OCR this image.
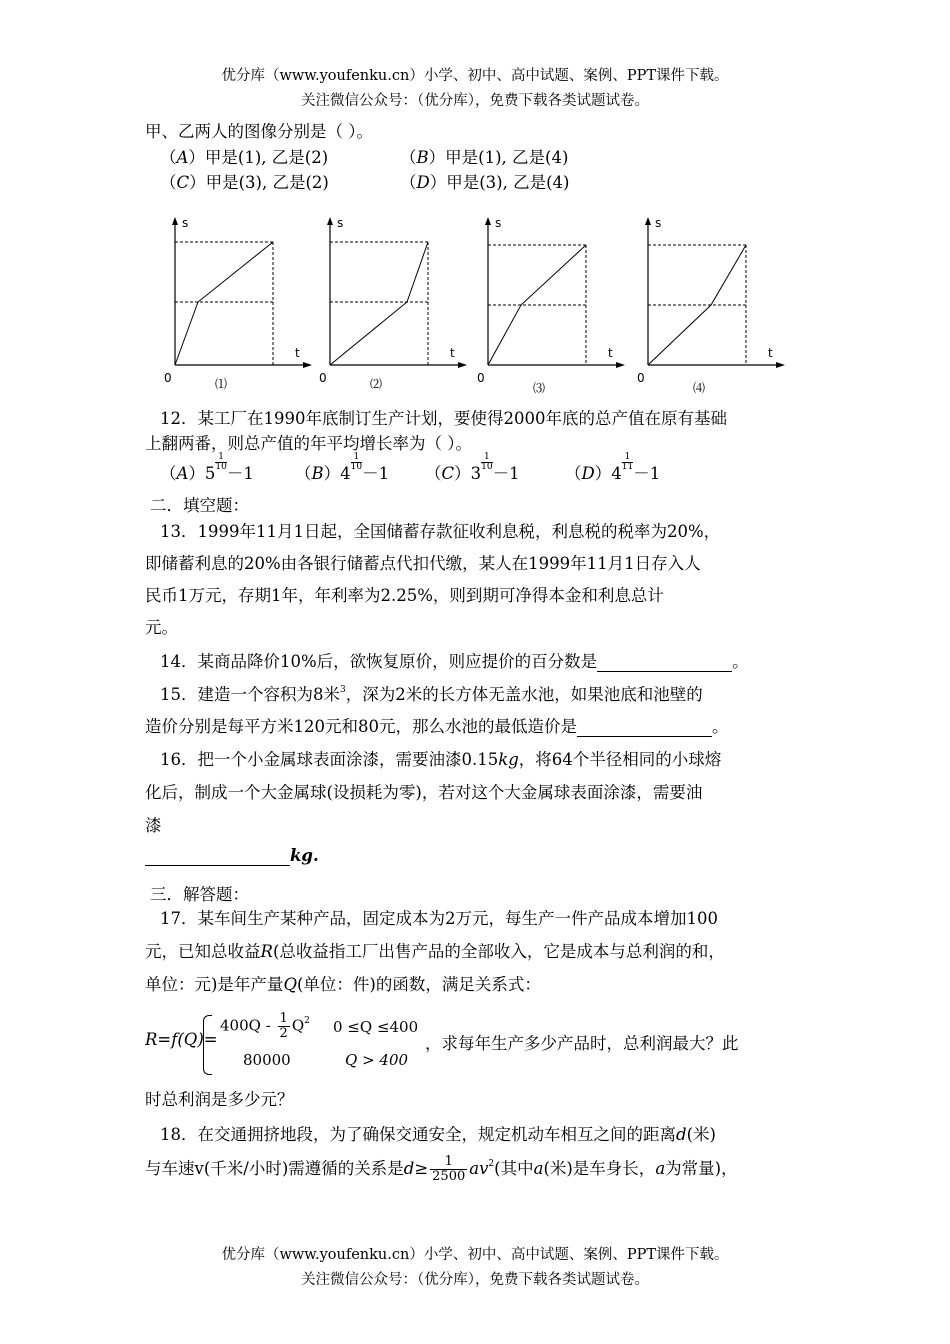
优分库（www.youfenku.cn）小学、初中、高中试题、案例、PPT课件下载。
关注微信公众号：（优分库），免费下载各类试题试卷。
甲、乙两人的图像分别是（ ）。
（A）甲是(1), 乙是(2)	（B）甲是(1), 乙是(4)
（C）甲是(3), 乙是(2)	（D）甲是(3), 乙是(4)
s
t
0	⑴
s
t
0	⑵
s
t
0
⑶
s
t
0
⑷
12．某工厂在1990年底制订生产计划，要使得2000年底的总产值在原有基础
上翻两番，则总产值的年平均增长率为（ ）。
（A）5
$\frac{1}{10}$
－1 （B）4
$\frac{1}{10}$
－1 （C）3
$\frac{1}{10}$
－1	（D）4
$\frac{1}{11}$
－1
二．填空题：
13．1999年11月1日起，全国储蓄存款征收利息税，利息税的税率为20%，
即储蓄利息的20%由各银行储蓄点代扣代缴，某人在1999年11月1日存入人
民币1万元，存期1年，年利率为2.25%，则到期可净得本金和利息总计
元。
14．某商品降价10%后，欲恢复原价，则应提价的百分数是	。
15．建造一个容积为8米$^3$，深为2米的长方体无盖水池，如果池底和池壁的
造价分别是每平方米120元和80元，那么水池的最低造价是	。
16．把一个小金属球表面涂漆，需要油漆0.15kg，将64个半径相同的小球熔
化后，制成一个大金属球(设损耗为零)，若对这个大金属球表面涂漆，需要油
漆
kg.
三．解答题：
17．某车间生产某种产品，固定成本为2万元，每生产一件产品成本增加100
元，已知总收益R(总收益指工厂出售产品的全部收入，它是成本与总利润的和，
单位：元)是年产量Q(单位：件)的函数，满足关系式：
R=f(Q)=
$400Q - \frac{1}{2} Q^2$ 0 ≤Q ≤400
80000	Q > 400
，求每年生产多少产品时，总利润最大？此
时总利润是多少元？
18．在交通拥挤地段，为了确保交通安全，规定机动车相互之间的距离d(米)
与车速v(千米/小时)需遵循的关系是$d\ge \frac{1}{2500} av^2$(其中a(米)是车身长，a为常量)，
优分库（www.youfenku.cn）小学、初中、高中试题、案例、PPT课件下载。
关注微信公众号：（优分库），免费下载各类试题试卷。
